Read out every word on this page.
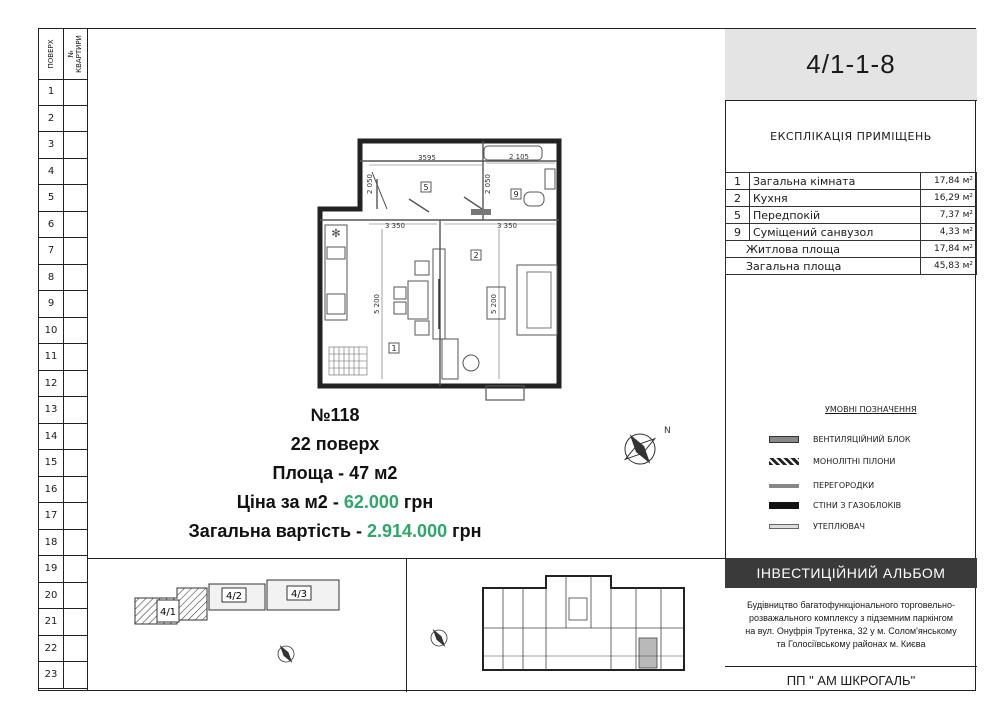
ПОВЕРХ № КВАРТИРИ
1
2
3
4
5
6
7
8
9
10
11
12
13
14
15
16
17
18
19
20
21
22
23
✻
3595	2 105
2 050	2 050
3 350	3 350
5 200	5 200
1
2
5
9
N
№118
22 поверх
Площа - 47 м2
Ціна за м2 - 62.000 грн
Загальна вартість - 2.914.000 грн
4/1
4/2	4/3
4/1-1-8
ЕКСПЛІКАЦІЯ ПРИМІЩЕНЬ
1	Загальна кімната	17,84 м²
2	Кухня	16,29 м²
5	Передпокій	7,37 м²
9	Суміщений санвузол	4,33 м²
Житлова площа		17,84 м²
Загальна площа		45,83 м²
УМОВНІ ПОЗНАЧЕННЯ
ВЕНТИЛЯЦІЙНИЙ БЛОК
МОНОЛІТНІ ПІЛОНИ
ПЕРЕГОРОДКИ
СТІНИ З ГАЗОБЛОКІВ
УТЕПЛЮВАЧ
ІНВЕСТИЦІЙНИЙ АЛЬБОМ
Будівництво багатофункціонального торговельно-
розважального комплексу з підземним паркінгом
на вул. Онуфрія Трутенка, 32 у м. Солом'янському
та Голосіївському районах м. Києва
ПП " АМ ШКРОГАЛЬ"
